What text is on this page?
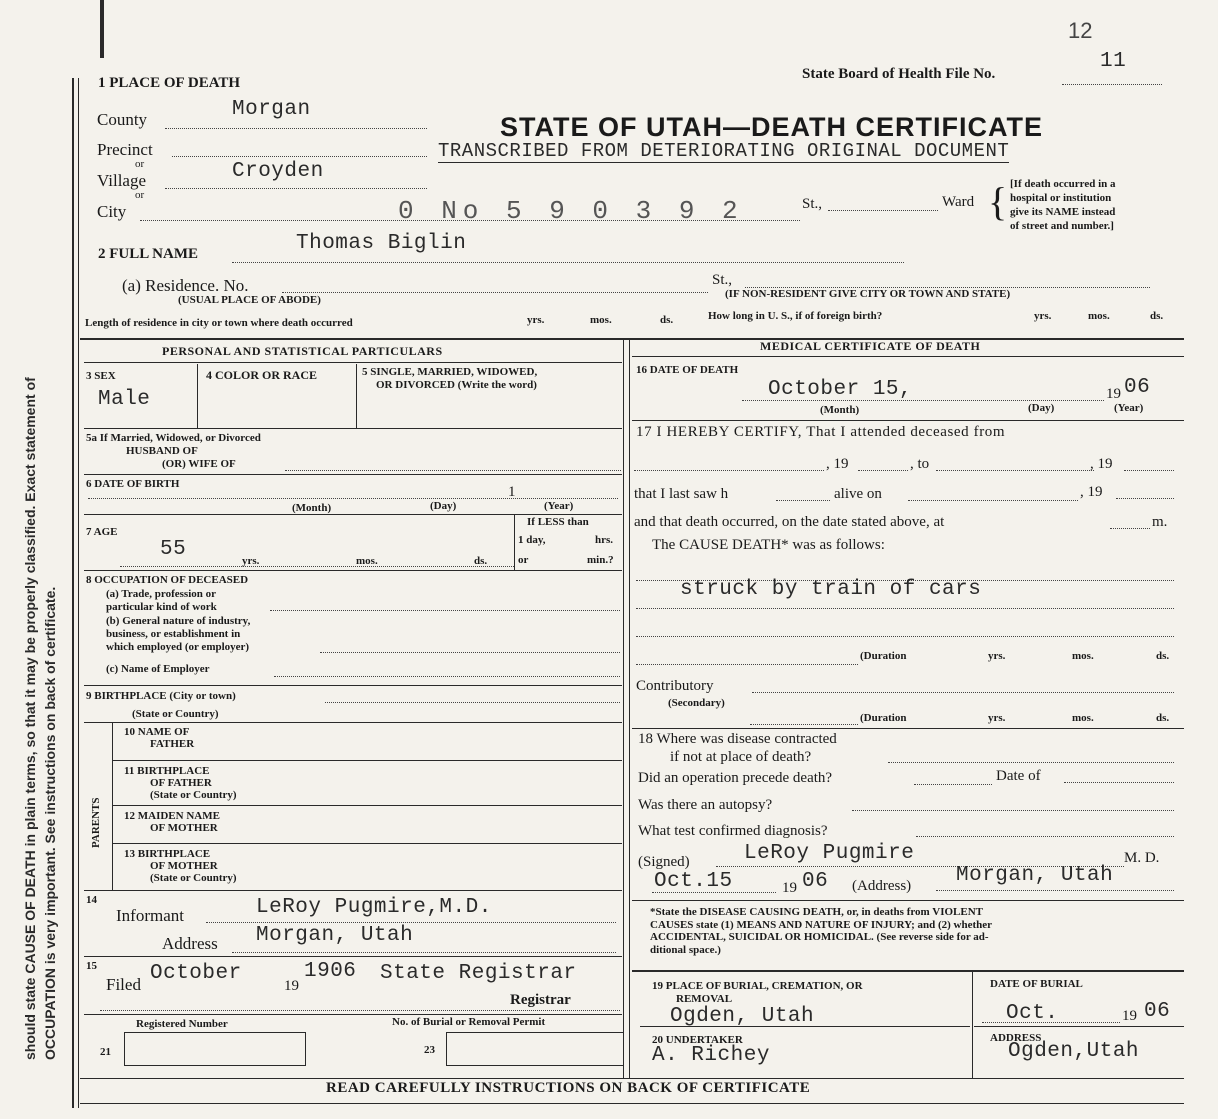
should state CAUSE OF DEATH in plain terms, so that it may be properly classified. Exact statement of OCCUPATION is very important. See instructions on back of certificate.
12
State Board of Health File No.
11
1 PLACE OF DEATH
County	Morgan
Precinct
or
Village	Croyden
or
City	0 No 5 9 0 3 9 2	St.,	Ward { [If death occurred in a
hospital or institution
give its NAME instead
of street and number.]
STATE OF UTAH—DEATH CERTIFICATE
TRANSCRIBED FROM DETERIORATING ORIGINAL DOCUMENT
2 FULL NAME	Thomas Biglin
(a) Residence. No.
(USUAL PLACE OF ABODE)
St.,
(IF NON-RESIDENT GIVE CITY OR TOWN AND STATE)
Length of residence in city or town where death occurred	yrs.	mos.	ds.	How long in U. S., if of foreign birth?	yrs.	mos.	ds.
PERSONAL AND STATISTICAL PARTICULARS	MEDICAL CERTIFICATE OF DEATH
3 SEX
Male
4 COLOR OR RACE	5 SINGLE, MARRIED, WIDOWED,
OR DIVORCED (Write the word)
5a If Married, Widowed, or Divorced
HUSBAND OF
(OR) WIFE OF
6 DATE OF BIRTH	1
(Month)	(Day)	(Year)
7 AGE
55	yrs.	mos.	ds.
If LESS than
1 day,	hrs.
or	min.?
8 OCCUPATION OF DECEASED
(a) Trade, profession or
particular kind of work
(b) General nature of industry,
business, or establishment in
which employed (or employer)
(c) Name of Employer
9 BIRTHPLACE (City or town)
(State or Country)
PARENTS
10 NAME OF
FATHER
11 BIRTHPLACE
OF FATHER
(State or Country)
12 MAIDEN NAME
OF MOTHER
13 BIRTHPLACE
OF MOTHER
(State or Country)
14
Informant	LeRoy Pugmire,M.D.
Address Morgan, Utah
15
Filed October
19
1906 State Registrar
Registrar
Registered Number	No. of Burial or Removal Permit
21	23
16 DATE OF DEATH
October 15,	19 06
(Month)	(Day)	(Year)
17 I HEREBY CERTIFY, That I attended deceased from
, 19	, to	, 19
that I last saw h	alive on	, 19
and that death occurred, on the date stated above, at	m.
The CAUSE DEATH* was as follows:
struck by train of cars
(Duration	yrs.	mos.	ds.
Contributory
(Secondary)
(Duration	yrs.	mos.	ds.
18 Where was disease contracted
if not at place of death?
Did an operation precede death?	Date of
Was there an autopsy?
What test confirmed diagnosis?
(Signed)	LeRoy Pugmire	M. D.
Oct.15	19 06 (Address) Morgan, Utah
*State the DISEASE CAUSING DEATH, or, in deaths from VIOLENT
CAUSES state (1) MEANS AND NATURE OF INJURY; and (2) whether
ACCIDENTAL, SUICIDAL OR HOMICIDAL. (See reverse side for ad-
ditional space.)
19 PLACE OF BURIAL, CREMATION, OR
REMOVAL
Ogden, Utah
DATE OF BURIAL
Oct.	19 06
20 UNDERTAKER
A. Richey
ADDRESS
Ogden,Utah
READ CAREFULLY INSTRUCTIONS ON BACK OF CERTIFICATE
